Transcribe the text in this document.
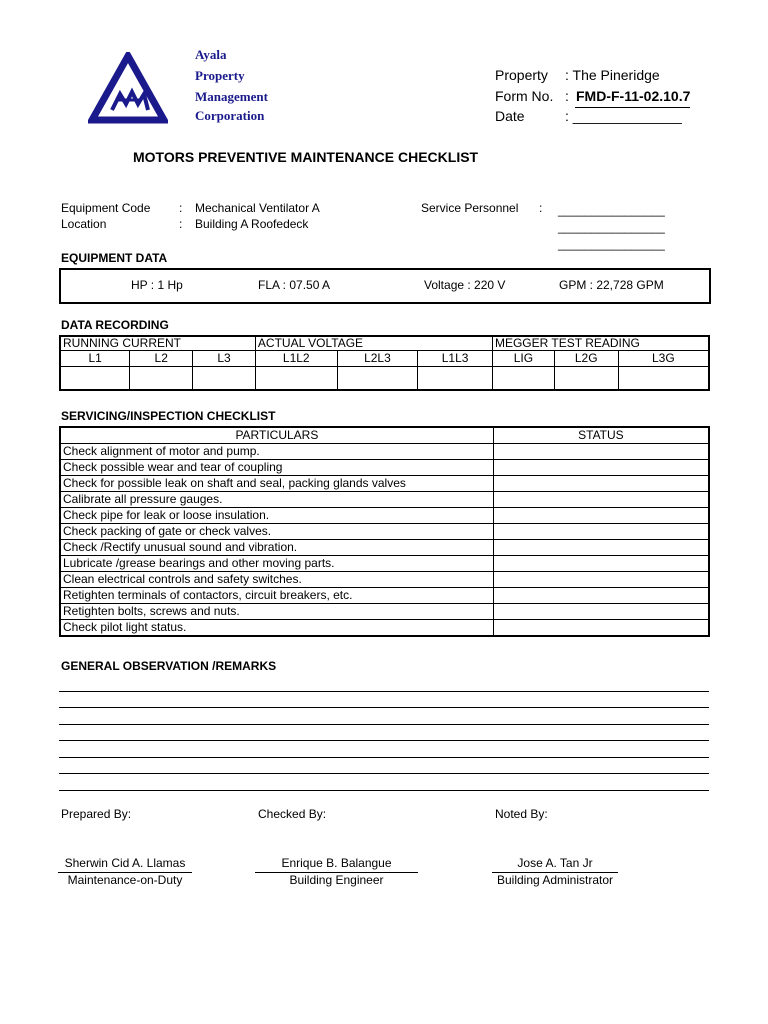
Ayala
Property
Management
Corporation
Property : The Pineridge
Form No. : FMD-F-11-02.10.7
Date	: ______________
MOTORS PREVENTIVE MAINTENANCE CHECKLIST
Equipment Code : Mechanical Ventilator A
Location	: Building A Roofedeck
Service Personnel : ________________
________________
________________
EQUIPMENT DATA
HP : 1 Hp	FLA : 07.50 A	Voltage : 220 V	GPM : 22,728 GPM
DATA RECORDING
RUNNING CURRENT			ACTUAL VOLTAGE			MEGGER TEST READING		
L1	L2	L3	L1L2	L2L3	L1L3	LIG	L2G	L3G

SERVICING/INSPECTION CHECKLIST
PARTICULARS	STATUS
Check alignment of motor and pump.	
Check possible wear and tear of coupling	
Check for possible leak on shaft and seal, packing glands valves	
Calibrate all pressure gauges.	
Check pipe for leak or loose insulation.	
Check packing of gate or check valves.	
Check /Rectify unusual sound and vibration.	
Lubricate /grease bearings and other moving parts.	
Clean electrical controls and safety switches.	
Retighten terminals of contactors, circuit breakers, etc.	
Retighten bolts, screws and nuts.	
Check pilot light status.	
GENERAL OBSERVATION /REMARKS
Prepared By:	Checked By:	Noted By:
Sherwin Cid A. Llamas
Maintenance-on-Duty
Enrique B. Balangue
Building Engineer
Jose A. Tan Jr
Building Administrator
